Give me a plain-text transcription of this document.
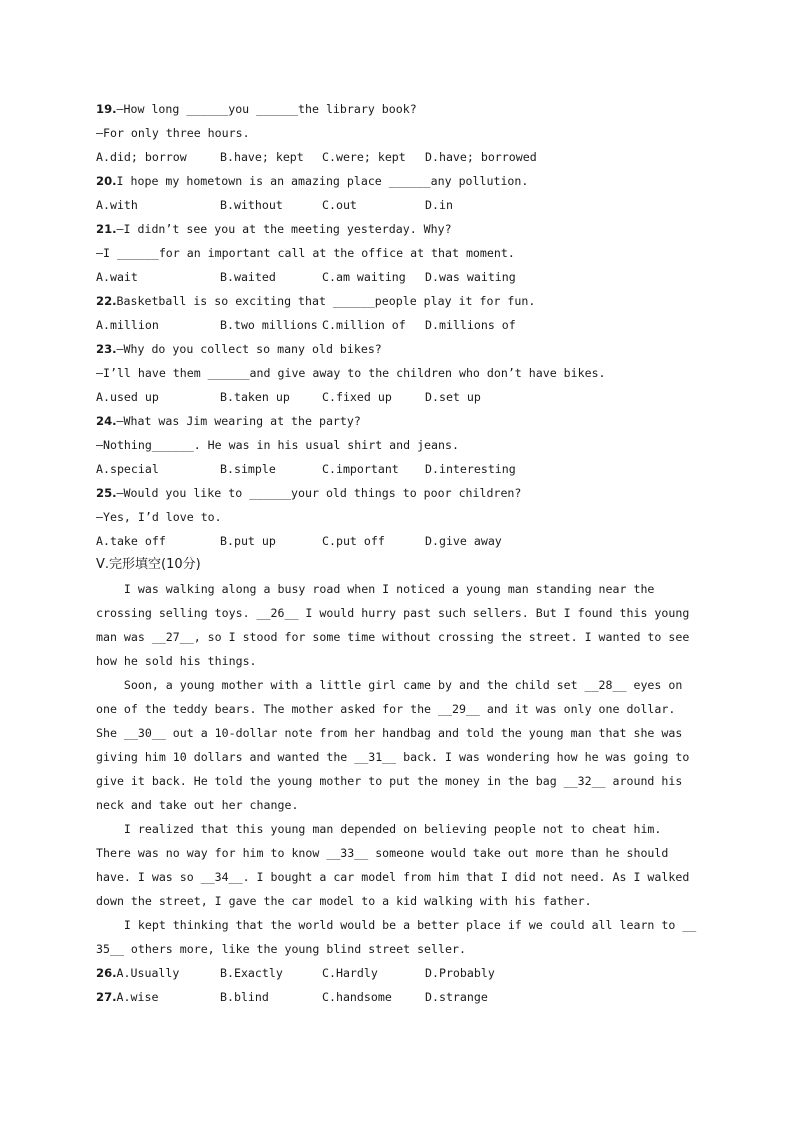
19.—How long ______you ______the library book?
—For only three hours.

A.did; borrow

	B.have; kept

C.were; kept

D.have; borrowed

20.I hope my hometown is an amazing place ______any pollution.

A.with

	B.without

	C.out

	D.in

21.—I didn’t see you at the meeting yesterday. Why?
—I ______for an important call at the office at that moment.

A.wait

	B.waited

	C.am waiting

D.was waiting

22.Basketball is so exciting that ______people play it for fun.

A.million

	B.two millions

C.million of

D.millions of

23.—Why do you collect so many old bikes?
—I’ll have them ______and give away to the children who don’t have bikes.

A.used up

	B.taken up

	C.fixed up

	D.set up

24.—What was Jim wearing at the party?
—Nothing______. He was in his usual shirt and jeans.

A.special

	B.simple

	C.important

D.interesting

25.—Would you like to ______your old things to poor children?
—Yes, I’d love to.

A.take off

	B.put up

	C.put off

	D.give away

Ⅴ.完形填空(10分)
I was walking along a busy road when I noticed a young man standing near the
crossing selling toys. __26__ I would hurry past such sellers. But I found this young
man was __27__, so I stood for some time without crossing the street. I wanted to see
how he sold his things.
Soon, a young mother with a little girl came by and the child set __28__ eyes on
one of the teddy bears. The mother asked for the __29__ and it was only one dollar.
She __30__ out a 10-dollar note from her handbag and told the young man that she was
giving him 10 dollars and wanted the __31__ back. I was wondering how he was going to
give it back. He told the young mother to put the money in the bag __32__ around his
neck and take out her change.
I realized that this young man depended on believing people not to cheat him.
There was no way for him to know __33__ someone would take out more than he should
have. I was so __34__. I bought a car model from him that I did not need. As I walked
down the street, I gave the car model to a kid walking with his father.
I kept thinking that the world would be a better place if we could all learn to __
35__ others more, like the young blind street seller.

26.A.Usually

	B.Exactly

	C.Hardly

	D.Probably

27.A.wise

	B.blind

	C.handsome

	D.strange
